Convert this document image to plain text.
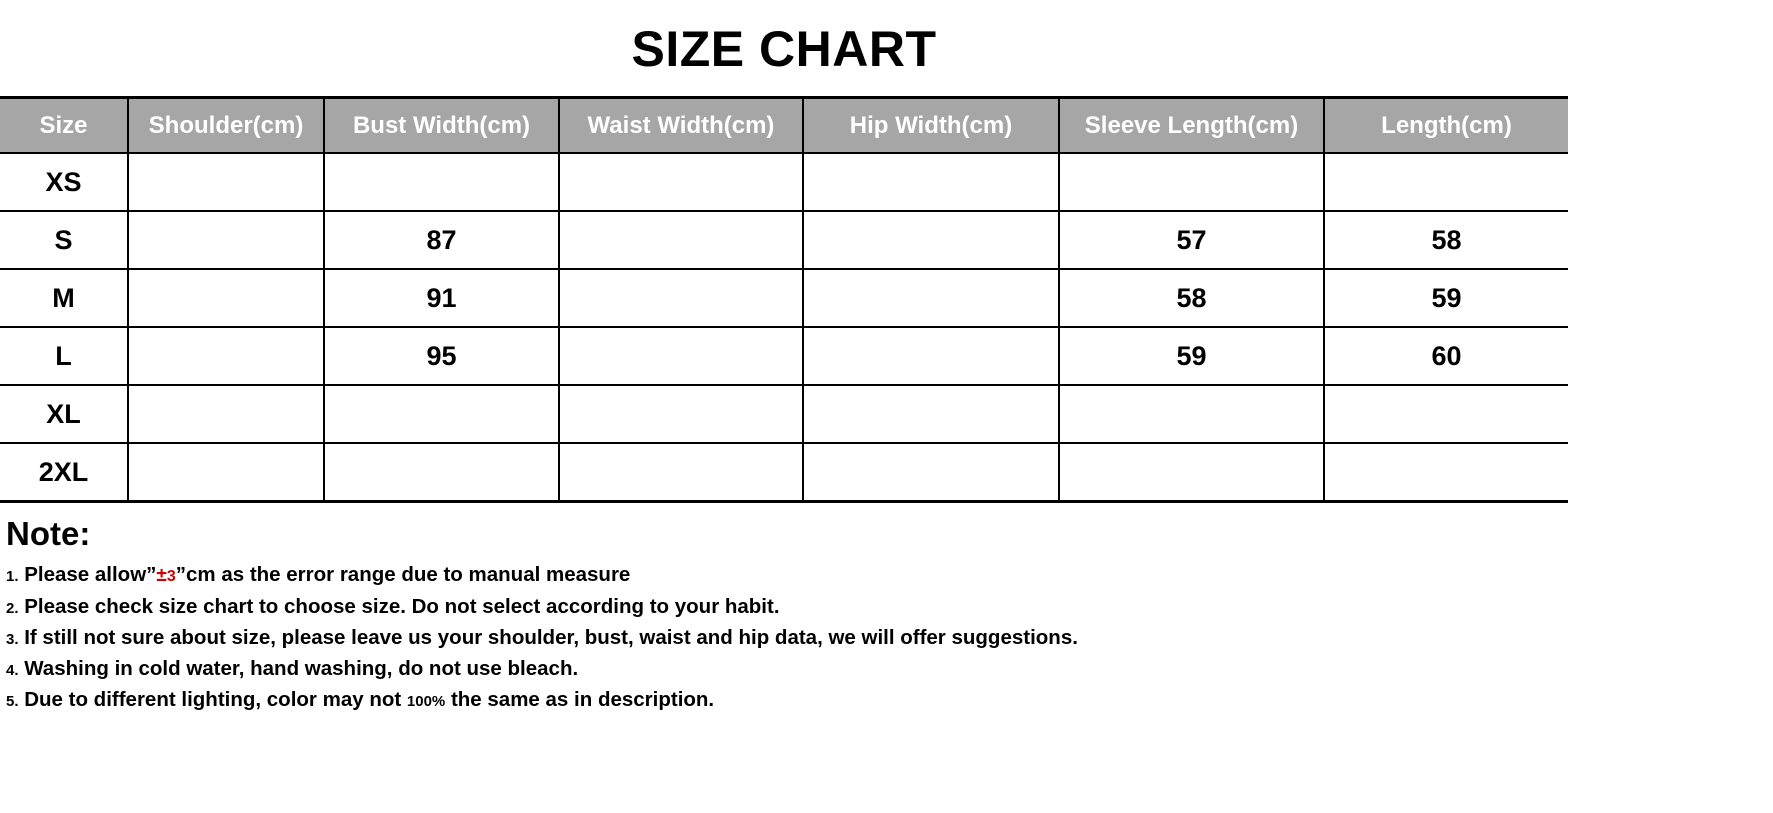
SIZE CHART
Size	Shoulder(cm)	Bust Width(cm)	Waist Width(cm)	Hip Width(cm)	Sleeve Length(cm)	Length(cm)
XS						
S		87			57	58
M		91			58	59
L		95			59	60
XL						
2XL						
Note:
1. Please allow”±3”cm as the error range due to manual measure
2. Please check size chart to choose size. Do not select according to your habit.
3. If still not sure about size, please leave us your shoulder, bust, waist and hip data, we will offer suggestions.
4. Washing in cold water, hand washing, do not use bleach.
5. Due to different lighting, color may not 100% the same as in description.
